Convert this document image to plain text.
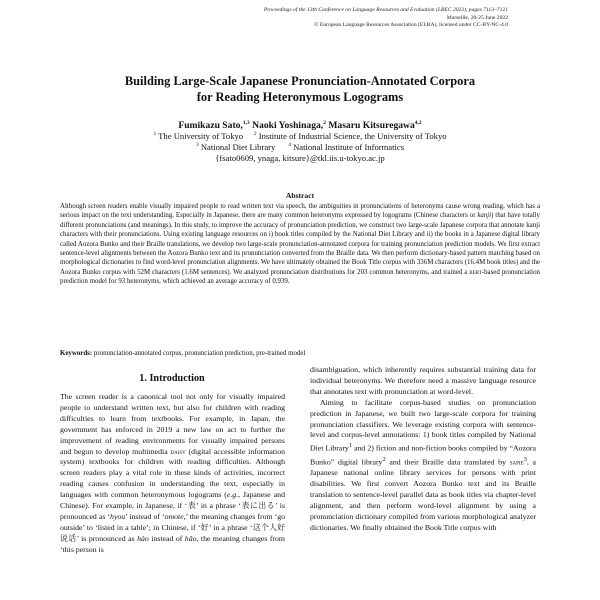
Proceedings of the 13th Conference on Language Resources and Evaluation (LREC 2022), pages 7113–7121
Marseille, 20-25 June 2022
© European Language Resources Association (ELRA), licensed under CC-BY-NC-4.0
Building Large-Scale Japanese Pronunciation-Annotated Corpora
for Reading Heteronymous Logograms
Fumikazu Sato,$^{1,3}$ Naoki Yoshinaga,$^2$ Masaru Kitsuregawa$^{4,2}$
$^1$ The University of Tokyo $^2$ Institute of Industrial Science, the University of Tokyo
$^3$ National Diet Library $^4$ National Institute of Informatics
{fsato0609, ynaga, kitsure}@tkl.iis.u-tokyo.ac.jp
Abstract
Although screen readers enable visually impaired people to read written text via speech, the ambiguities in pronunciations of heteronyms cause wrong reading, which has a serious impact on the text understanding. Especially in Japanese, there are many common heteronyms expressed by logograms (Chinese characters or kanji) that have totally different pronunciations (and meanings). In this study, to improve the accuracy of pronunciation prediction, we construct two large-scale Japanese corpora that annotate kanji characters with their pronunciations. Using existing language resources on i) book titles compiled by the National Diet Library and ii) the books in a Japanese digital library called Aozora Bunko and their Braille translations, we develop two large-scale pronunciation-annotated corpora for training pronunciation prediction models. We first extract sentence-level alignments between the Aozora Bunko text and its pronunciation converted from the Braille data. We then perform dictionary-based pattern matching based on morphological dictionaries to find word-level pronunciation alignments. We have ultimately obtained the Book Title corpus with 336M characters (16.4M book titles) and the Aozora Bunko corpus with 52M characters (1.6M sentences). We analyzed pronunciation distributions for 203 common heteronyms, and trained a bert-based pronunciation prediction model for 93 heteronyms, which achieved an average accuracy of 0.939.
Keywords: pronunciation-annotated corpus, pronunciation prediction, pre-trained model
1. Introduction

The screen reader is a canonical tool not only for visually impaired people to understand written text, but also for children with reading difficulties to learn from textbooks. For example, in Japan, the government has enforced in 2019 a new law on act to further the improvement of reading environments for visually impaired persons and begun to develop multimedia daisy (digital accessible information system) textbooks for children with reading difficulties. Although screen readers play a vital role in these kinds of activities, incorrect reading causes confusion in understanding the text, especially in languages with common heteronymous logograms (e.g., Japanese and Chinese). For example, in Japanese, if ‘表’ in a phrase ‘表に出る’ is pronounced as ‘hyou’ instead of ‘omote,’ the meaning changes from ‘go outside’ to ‘listed in a table’; in Chinese, if ‘好’ in a phrase ‘这个人好说话’ is pronounced as hào instead of hǎo, the meaning changes from ‘this person is

disambiguation, which inherently requires substantial training data for individual heteronyms. We therefore need a massive language resource that annotates text with pronunciation at word-level.

Aiming to facilitate corpus-based studies on pronunciation prediction in Japanese, we built two large-scale corpora for training pronunciation classifiers. We leverage existing corpora with sentence-level and corpus-level annotations: 1) book titles compiled by National Diet Library$^1$ and 2) fiction and non-fiction books compiled by “Aozora Bunko” digital library$^2$ and their Braille data translated by sapie$^3$, a Japanese national online library services for persons with print disabilities. We first convert Aozora Bunko text and its Braille translation to sentence-level parallel data as book titles via chapter-level alignment, and then perform word-level alignment by using a pronunciation dictionary compiled from various morphological analyzer dictionaries. We finally obtained the Book Title corpus with
